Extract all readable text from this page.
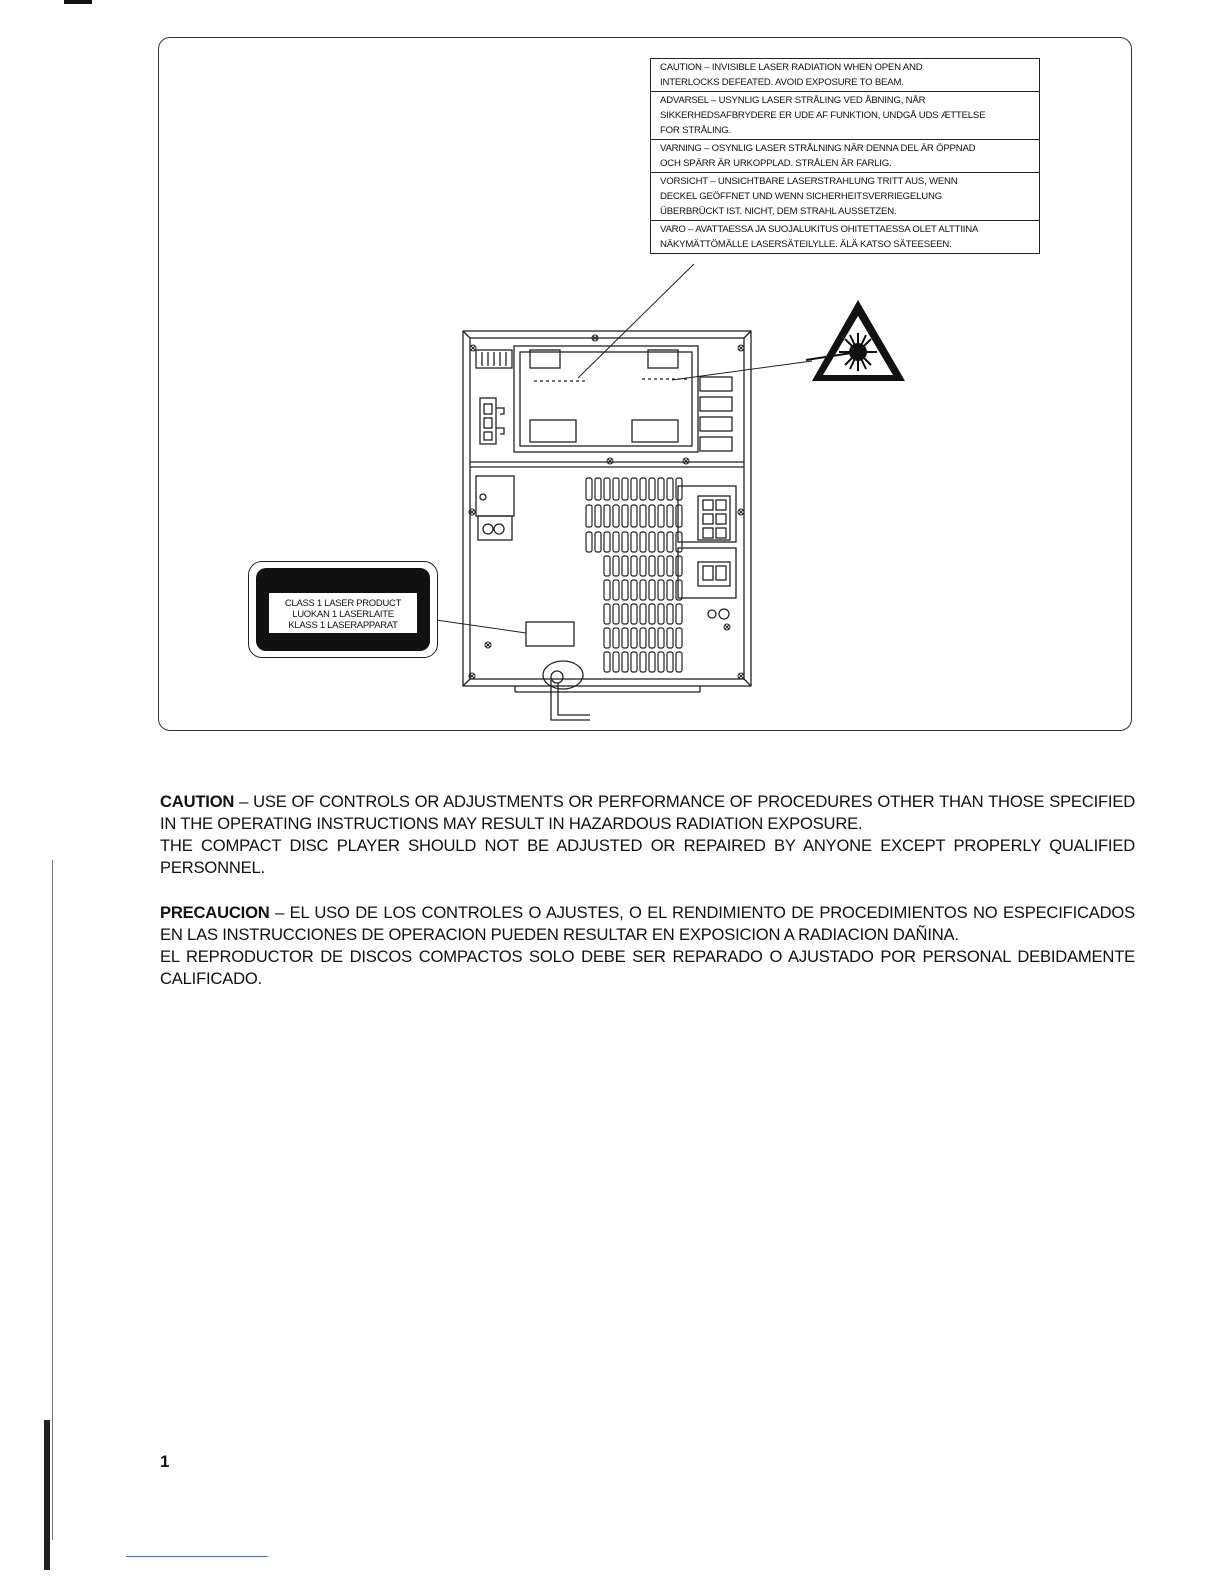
CAUTION – INVISIBLE LASER RADIATION WHEN OPEN AND
INTERLOCKS DEFEATED. AVOID EXPOSURE TO BEAM.
ADVARSEL – USYNLIG LASER STRÅLING VED ÅBNING, NÅR
SIKKERHEDSAFBRYDERE ER UDE AF FUNKTION, UNDGÅ UDS ÆTTELSE
FOR STRÅLING.
VARNING – OSYNLIG LASER STRÅLNING NÄR DENNA DEL ÄR ÖPPNAD
OCH SPÄRR ÄR URKOPPLAD. STRÅLEN ÄR FARLIG.
VORSICHT – UNSICHTBARE LASERSTRAHLUNG TRITT AUS, WENN
DECKEL GEÖFFNET UND WENN SICHERHEITSVERRIEGELUNG
ÜBERBRÜCKT IST. NICHT, DEM STRAHL AUSSETZEN.
VARO – AVATTAESSA JA SUOJALUKITUS OHITETTAESSA OLET ALTTIINA
NÄKYMÄTTÖMÄLLE LASERSÄTEILYLLE. ÄLÄ KATSO SÄTEESEEN.
CLASS 1 LASER PRODUCT
LUOKAN 1 LASERLAITE
KLASS 1 LASERAPPARAT

CAUTION – USE OF CONTROLS OR ADJUSTMENTS OR PERFORMANCE OF PROCEDURES OTHER THAN THOSE SPECIFIED IN THE OPERATING INSTRUCTIONS MAY RESULT IN HAZARDOUS RADIATION EXPOSURE.

THE COMPACT DISC PLAYER SHOULD NOT BE ADJUSTED OR REPAIRED BY ANYONE EXCEPT PROPERLY QUALIFIED PERSONNEL.

PRECAUCION – EL USO DE LOS CONTROLES O AJUSTES, O EL RENDIMIENTO DE PROCEDIMIENTOS NO ESPECIFICADOS EN LAS INSTRUCCIONES DE OPERACION PUEDEN RESULTAR EN EXPOSICION A RADIACION DAÑINA.

EL REPRODUCTOR DE DISCOS COMPACTOS SOLO DEBE SER REPARADO O AJUSTADO POR PERSONAL DEBIDAMENTE CALIFICADO.

1
